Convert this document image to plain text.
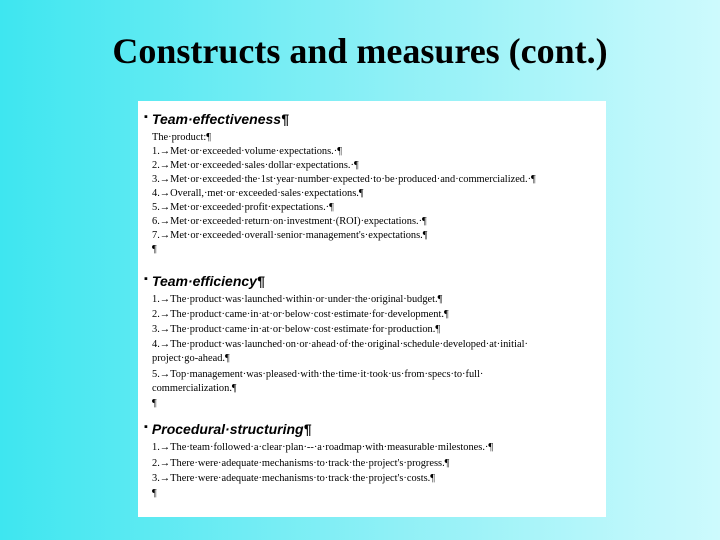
Constructs and measures (cont.)
▪ Team·effectiveness¶
The·product:¶
1.→Met·or·exceeded·volume·expectations.·¶
2.→Met·or·exceeded·sales·dollar·expectations.·¶
3.→Met·or·exceeded·the·1st·year·number·expected·to·be·produced·and·commercialized.·¶
4.→Overall,·met·or·exceeded·sales·expectations.¶
5.→Met·or·exceeded·profit·expectations.·¶
6.→Met·or·exceeded·return·on·investment·(ROI)·expectations.·¶
7.→Met·or·exceeded·overall·senior·management's·expectations.¶
¶
▪ Team·efficiency¶
1.→The·product·was·launched·within·or·under·the·original·budget.¶
2.→The·product·came·in·at·or·below·cost·estimate·for·development.¶
3.→The·product·came·in·at·or·below·cost·estimate·for·production.¶
4.→The·product·was·launched·on·or·ahead·of·the·original·schedule·developed·at·initial·
project·go-ahead.¶
5.→Top·management·was·pleased·with·the·time·it·took·us·from·specs·to·full·
commercialization.¶
¶
▪ Procedural·structuring¶
1.→The·team·followed·a·clear·plan·--·a·roadmap·with·measurable·milestones.·¶
2.→There·were·adequate·mechanisms·to·track·the·project's·progress.¶
3.→There·were·adequate·mechanisms·to·track·the·project's·costs.¶
¶
